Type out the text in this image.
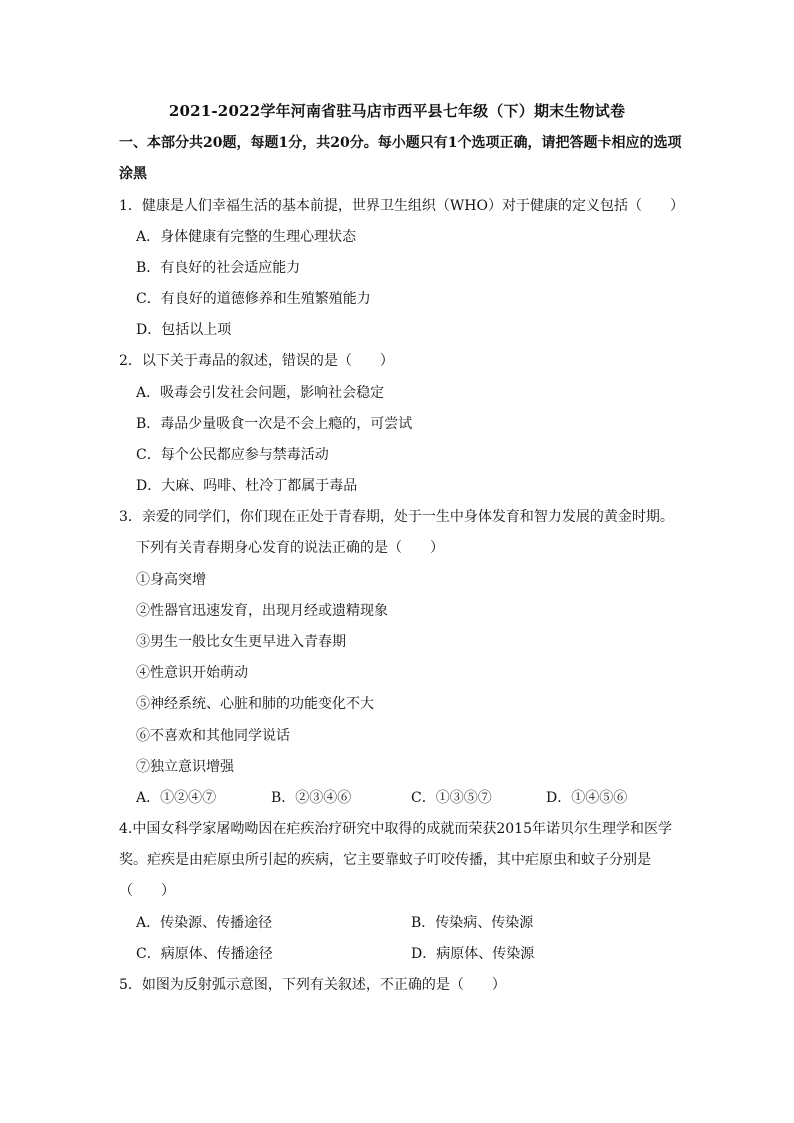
2021-2022学年河南省驻马店市西平县七年级（下）期末生物试卷
一、本部分共20题，每题1分，共20分。每小题只有1个选项正确，请把答题卡相应的选项涂黑
1．健康是人们幸福生活的基本前提，世界卫生组织（WHO）对于健康的定义包括（　　）
A．身体健康有完整的生理心理状态
B．有良好的社会适应能力
C．有良好的道德修养和生殖繁殖能力
D．包括以上项
2．以下关于毒品的叙述，错误的是（　　）
A．吸毒会引发社会问题，影响社会稳定
B．毒品少量吸食一次是不会上瘾的，可尝试
C．每个公民都应参与禁毒活动
D．大麻、吗啡、杜冷丁都属于毒品
3．亲爱的同学们，你们现在正处于青春期，处于一生中身体发育和智力发展的黄金时期。
下列有关青春期身心发育的说法正确的是（　　）
①身高突增
②性器官迅速发育，出现月经或遗精现象
③男生一般比女生更早进入青春期
④性意识开始萌动
⑤神经系统、心脏和肺的功能变化不大
⑥不喜欢和其他同学说话
⑦独立意识增强
A．①②④⑦	B．②③④⑥	C．①③⑤⑦	D．①④⑤⑥
4.中国女科学家屠呦呦因在疟疾治疗研究中取得的成就而荣获2015年诺贝尔生理学和医学奖。疟疾是由疟原虫所引起的疾病，它主要靠蚊子叮咬传播，其中疟原虫和蚊子分别是（　　）
A．传染源、传播途径	B．传染病、传染源
C．病原体、传播途径	D．病原体、传染源
5．如图为反射弧示意图，下列有关叙述，不正确的是（　　）
